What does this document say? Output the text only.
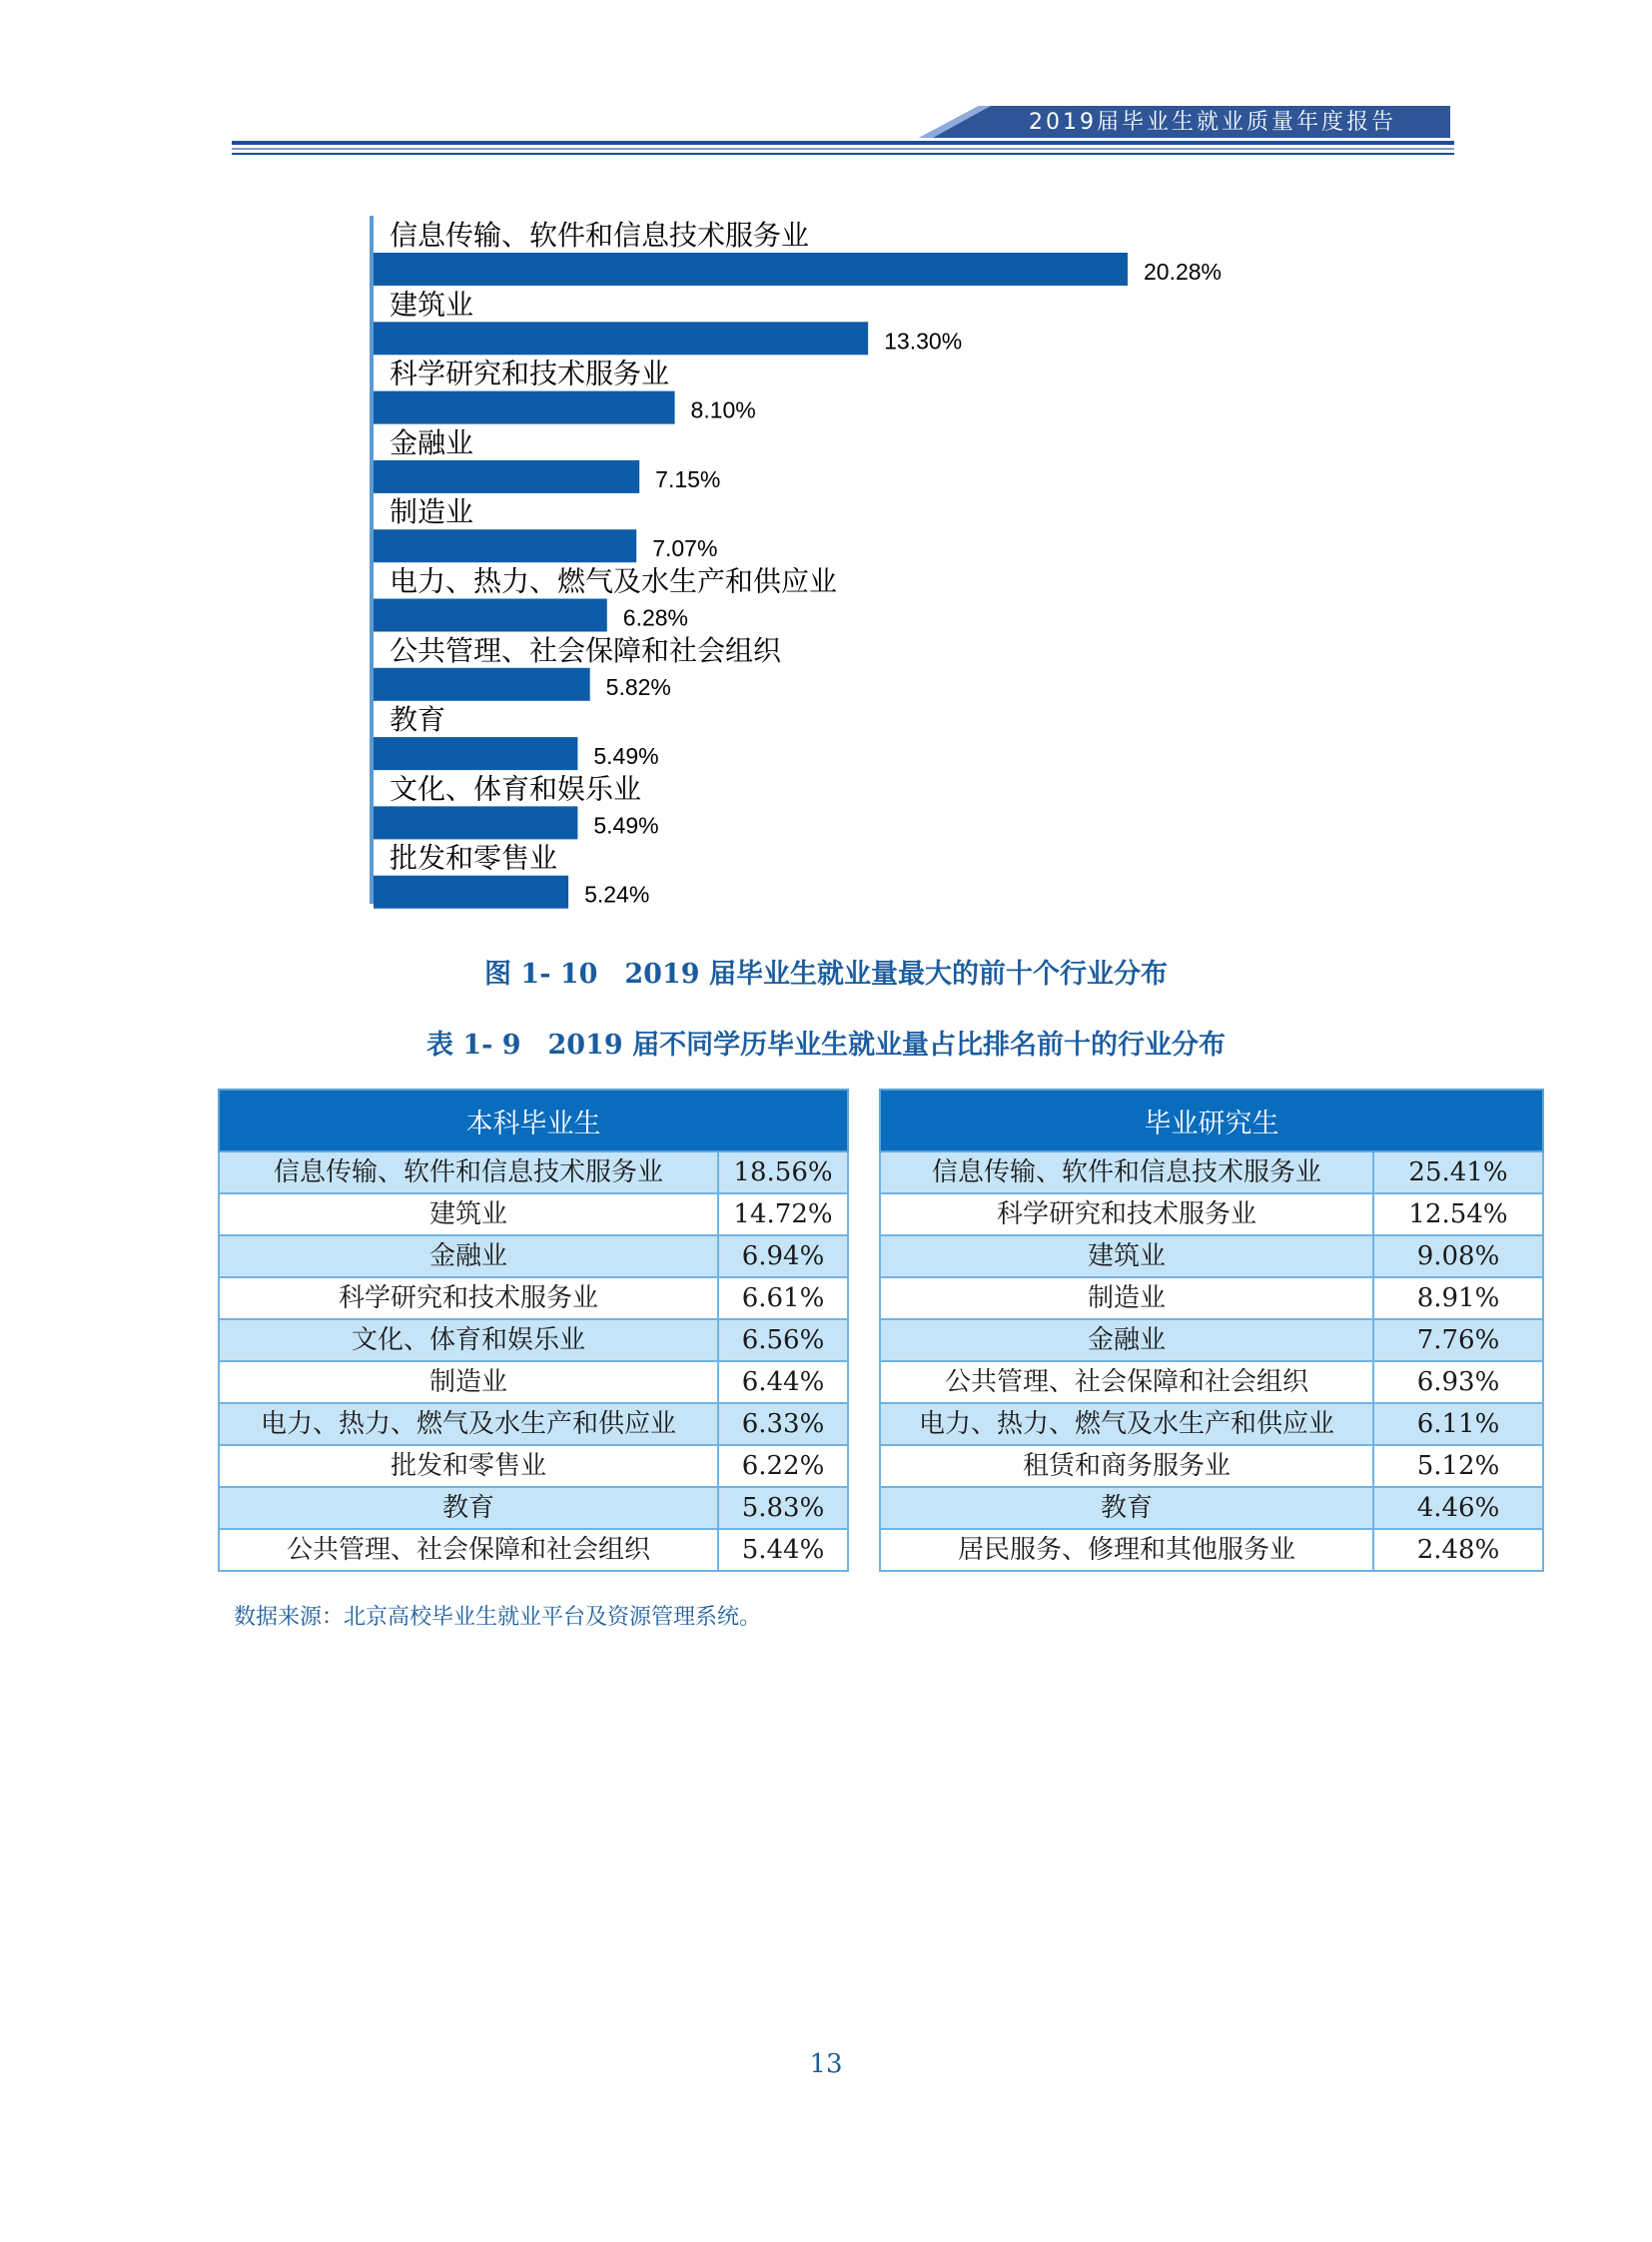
2019届毕业生就业质量年度报告
信息传输、软件和信息技术服务业
20.28%
建筑业
13.30%
科学研究和技术服务业
8.10%
金融业
7.15%
制造业
7.07%
电力、热力、燃气及水生产和供应业
6.28%
公共管理、社会保障和社会组织
5.82%
教育
5.49%
文化、体育和娱乐业
5.49%
批发和零售业
5.24%
图 1- 10　2019 届毕业生就业量最大的前十个行业分布
表 1- 9　2019 届不同学历毕业生就业量占比排名前十的行业分布
本科毕业生	
信息传输、软件和信息技术服务业	18.56%
建筑业	14.72%
金融业	6.94%
科学研究和技术服务业	6.61%
文化、体育和娱乐业	6.56%
制造业	6.44%
电力、热力、燃气及水生产和供应业	6.33%
批发和零售业	6.22%
教育	5.83%
公共管理、社会保障和社会组织	5.44%
毕业研究生	
信息传输、软件和信息技术服务业	25.41%
科学研究和技术服务业	12.54%
建筑业	9.08%
制造业	8.91%
金融业	7.76%
公共管理、社会保障和社会组织	6.93%
电力、热力、燃气及水生产和供应业	6.11%
租赁和商务服务业	5.12%
教育	4.46%
居民服务、修理和其他服务业	2.48%
数据来源：北京高校毕业生就业平台及资源管理系统。
13
